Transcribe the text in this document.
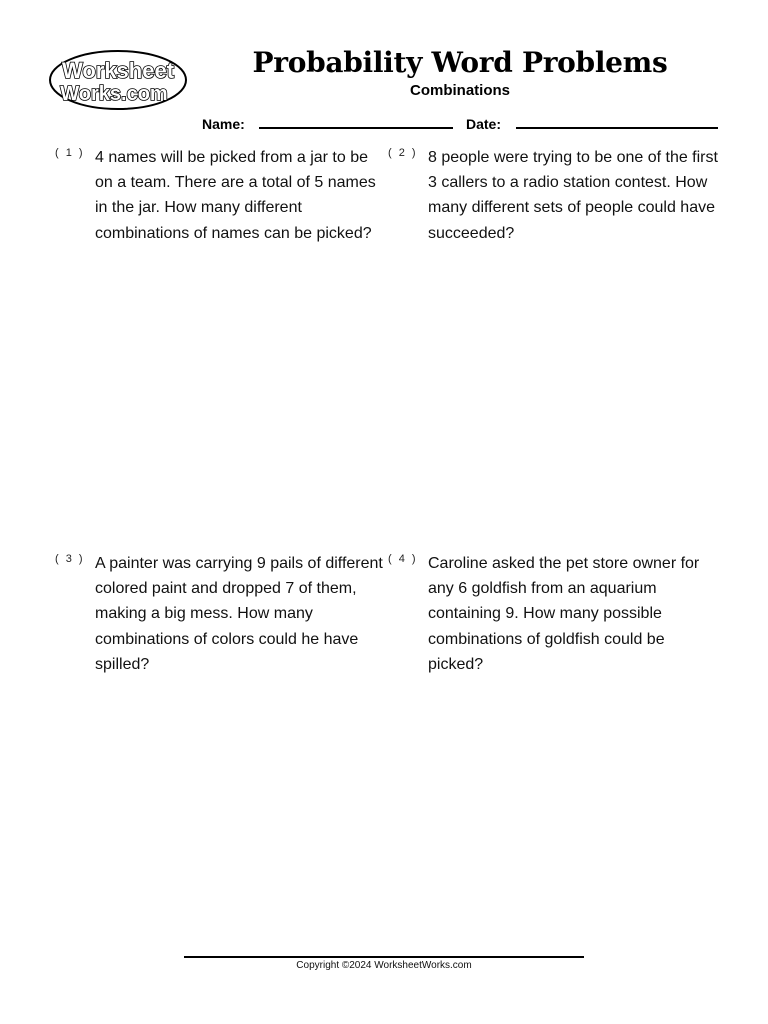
Worksheet
Works.com
Probability Word Problems
Combinations
Name:	Date:
( 1 ) 4 names will be picked from a jar to be on a team. There are a total of 5 names in the jar. How many different combinations of names can be picked?
( 2 ) 8 people were trying to be one of the first 3 callers to a radio station contest. How many different sets of people could have succeeded?
( 3 ) A painter was carrying 9 pails of different colored paint and dropped 7 of them, making a big mess. How many combinations of colors could he have spilled?
( 4 ) Caroline asked the pet store owner for any 6 goldfish from an aquarium containing 9. How many possible combinations of goldfish could be picked?
Copyright ©2024 WorksheetWorks.com
